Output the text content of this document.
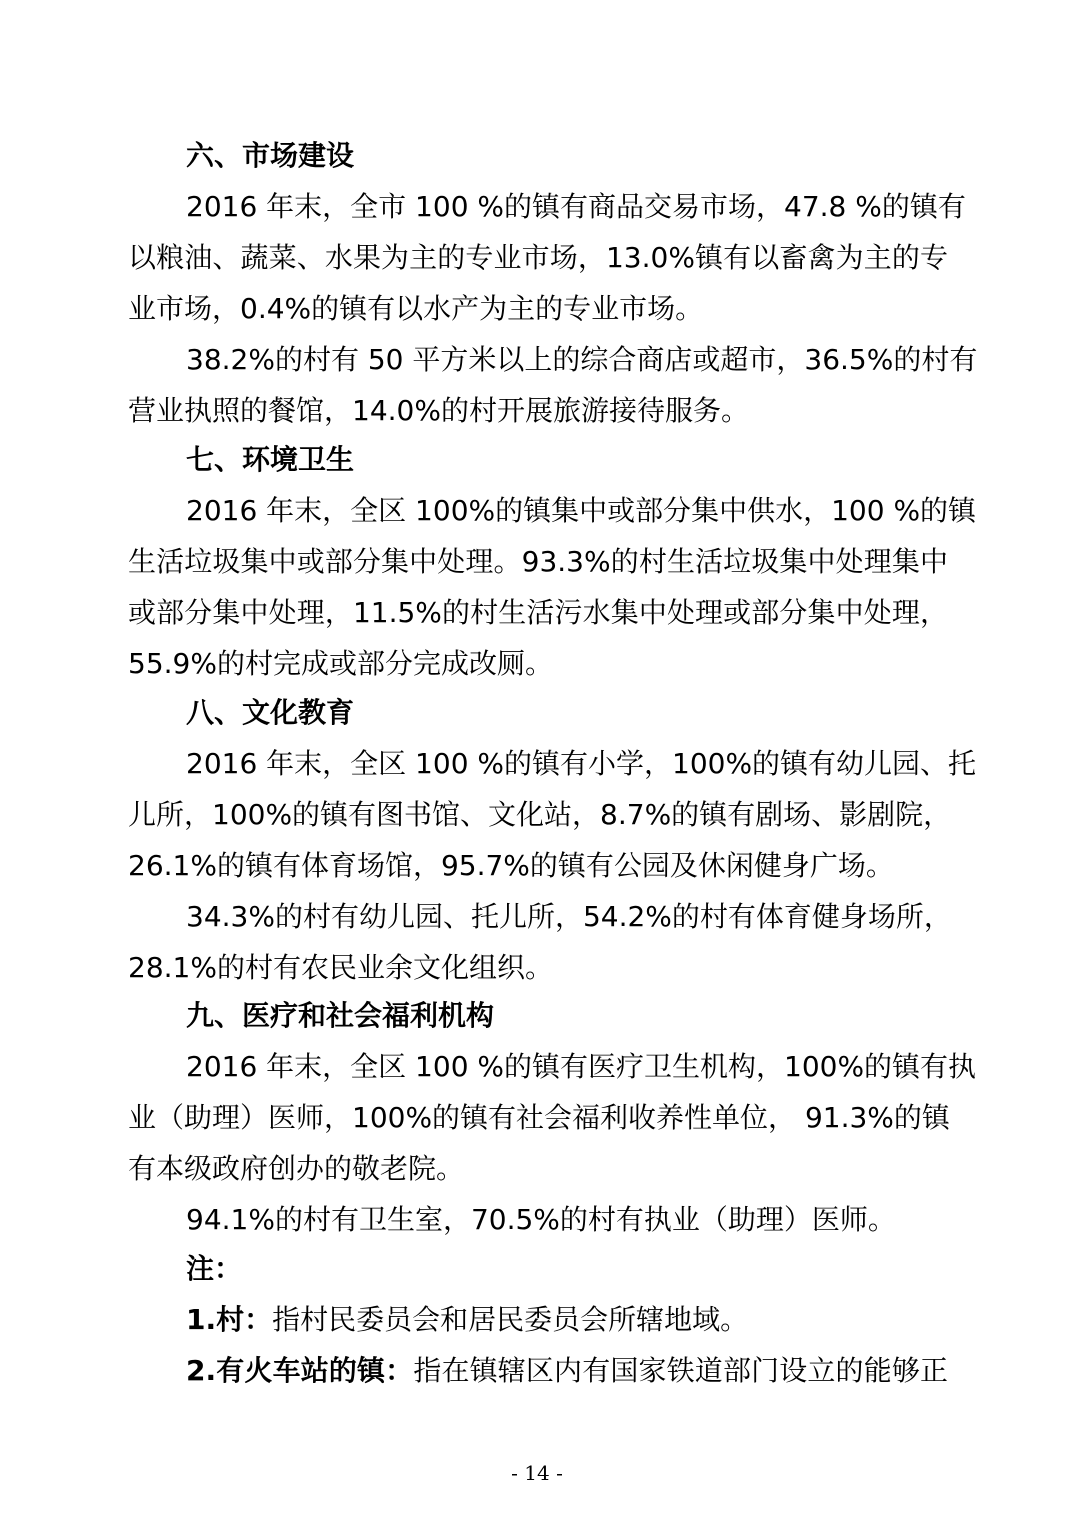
六、市场建设
2016 年末，全市 100 %的镇有商品交易市场，47.8 %的镇有
以粮油、蔬菜、水果为主的专业市场，13.0%镇有以畜禽为主的专
业市场，0.4%的镇有以水产为主的专业市场。
38.2%的村有 50 平方米以上的综合商店或超市，36.5%的村有
营业执照的餐馆，14.0%的村开展旅游接待服务。
七、环境卫生
2016 年末，全区 100%的镇集中或部分集中供水，100 %的镇
生活垃圾集中或部分集中处理。93.3%的村生活垃圾集中处理集中
或部分集中处理，11.5%的村生活污水集中处理或部分集中处理，
55.9%的村完成或部分完成改厕。
八、文化教育
2016 年末，全区 100 %的镇有小学，100%的镇有幼儿园、托
儿所，100%的镇有图书馆、文化站，8.7%的镇有剧场、影剧院，
26.1%的镇有体育场馆，95.7%的镇有公园及休闲健身广场。
34.3%的村有幼儿园、托儿所，54.2%的村有体育健身场所，
28.1%的村有农民业余文化组织。
九、医疗和社会福利机构
2016 年末，全区 100 %的镇有医疗卫生机构，100%的镇有执
业（助理）医师，100%的镇有社会福利收养性单位， 91.3%的镇
有本级政府创办的敬老院。
94.1%的村有卫生室，70.5%的村有执业（助理）医师。
注：
1.村：指村民委员会和居民委员会所辖地域。
2.有火车站的镇：指在镇辖区内有国家铁道部门设立的能够正
- 14 -
